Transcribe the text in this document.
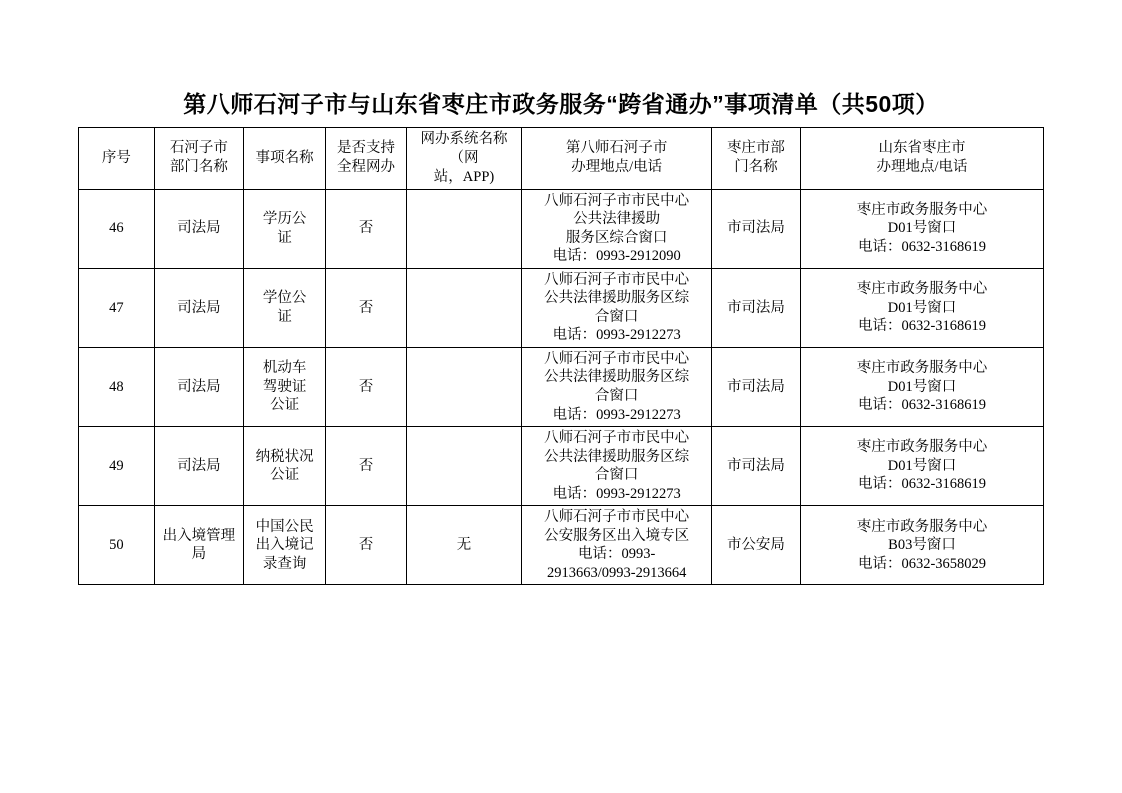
第八师石河子市与山东省枣庄市政务服务“跨省通办”事项清单（共50项）
序号	石河子市
部门名称	事项名称	是否支持
全程网办	网办系统名称（网
站，APP)	第八师石河子市
办理地点/电话	枣庄市部
门名称	山东省枣庄市
办理地点/电话

46	司法局	学历公
证	否		八师石河子市市民中心
公共法律援助
服务区综合窗口
电话：0993-2912090	市司法局	枣庄市政务服务中心
D01号窗口
电话：0632-3168619

47	司法局	学位公
证	否		八师石河子市市民中心
公共法律援助服务区综
合窗口
电话：0993-2912273	市司法局	枣庄市政务服务中心
D01号窗口
电话：0632-3168619

48	司法局	机动车
驾驶证
公证	否		八师石河子市市民中心
公共法律援助服务区综
合窗口
电话：0993-2912273	市司法局	枣庄市政务服务中心
D01号窗口
电话：0632-3168619

49	司法局	纳税状况
公证	否		八师石河子市市民中心
公共法律援助服务区综
合窗口
电话：0993-2912273	市司法局	枣庄市政务服务中心
D01号窗口
电话：0632-3168619

50	出入境管理
局	中国公民
出入境记
录查询	否	无	八师石河子市市民中心
公安服务区出入境专区
电话：0993-
2913663/0993-2913664	市公安局	枣庄市政务服务中心
B03号窗口
电话：0632-3658029
